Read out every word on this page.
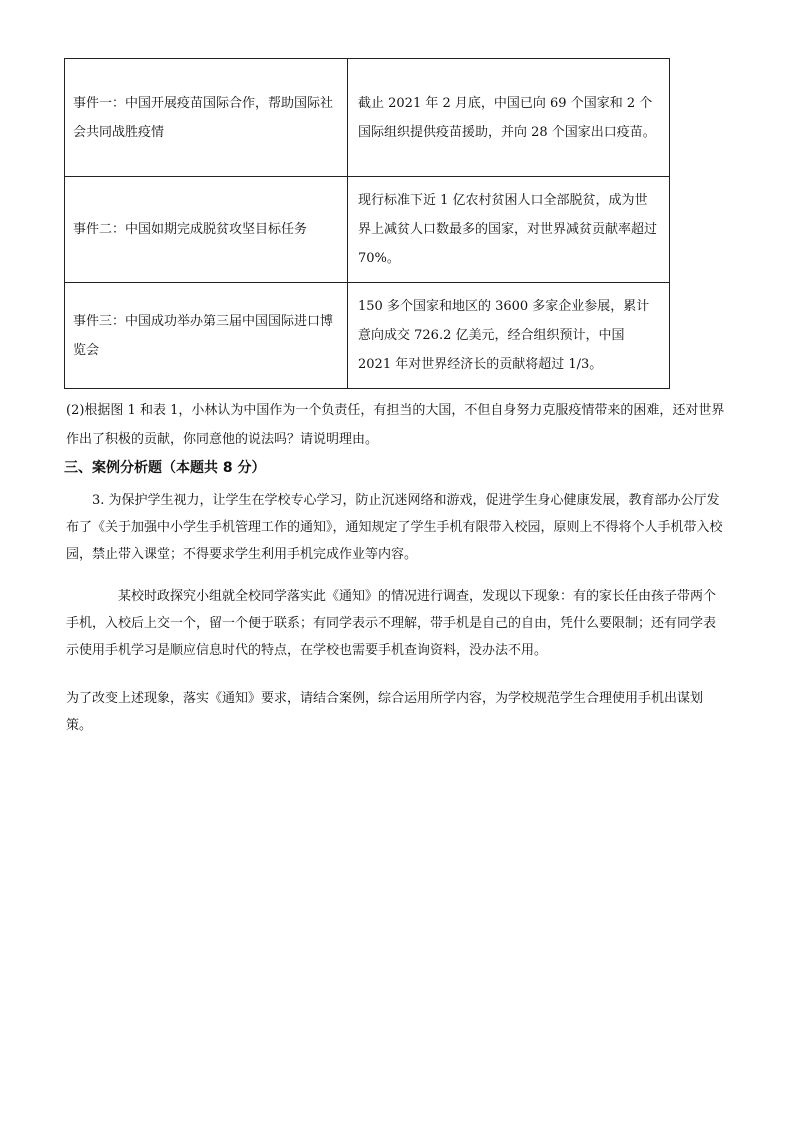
事件一：中国开展疫苗国际合作，帮助国际社会共同战胜疫情	截止 2021 年 2 月底，中国已向 69 个国家和 2 个国际组织提供疫苗援助，并向 28 个国家出口疫苗。
事件二：中国如期完成脱贫攻坚目标任务	现行标准下近 1 亿农村贫困人口全部脱贫，成为世界上减贫人口数最多的国家，对世界减贫贡献率超过 70%。
事件三：中国成功举办第三届中国国际进口博览会	150 多个国家和地区的 3600 多家企业参展，累计意向成交 726.2 亿美元，经合组织预计，中国 2021 年对世界经济长的贡献将超过 1/3。
(2)根据图 1 和表 1，小林认为中国作为一个负责任，有担当的大国，不但自身努力克服疫情带来的困难，还对世界作出了积极的贡献，你同意他的说法吗？请说明理由。
三、案例分析题（本题共 8 分）
3. 为保护学生视力，让学生在学校专心学习，防止沉迷网络和游戏，促进学生身心健康发展，教育部办公厅发布了《关于加强中小学生手机管理工作的通知》，通知规定了学生手机有限带入校园，原则上不得将个人手机带入校园，禁止带入课堂；不得要求学生利用手机完成作业等内容。
某校时政探究小组就全校同学落实此《通知》的情况进行调查，发现以下现象：有的家长任由孩子带两个手机，入校后上交一个，留一个便于联系；有同学表示不理解，带手机是自己的自由，凭什么要限制；还有同学表示使用手机学习是顺应信息时代的特点，在学校也需要手机查询资料，没办法不用。
为了改变上述现象，落实《通知》要求，请结合案例，综合运用所学内容，为学校规范学生合理使用手机出谋划策。
